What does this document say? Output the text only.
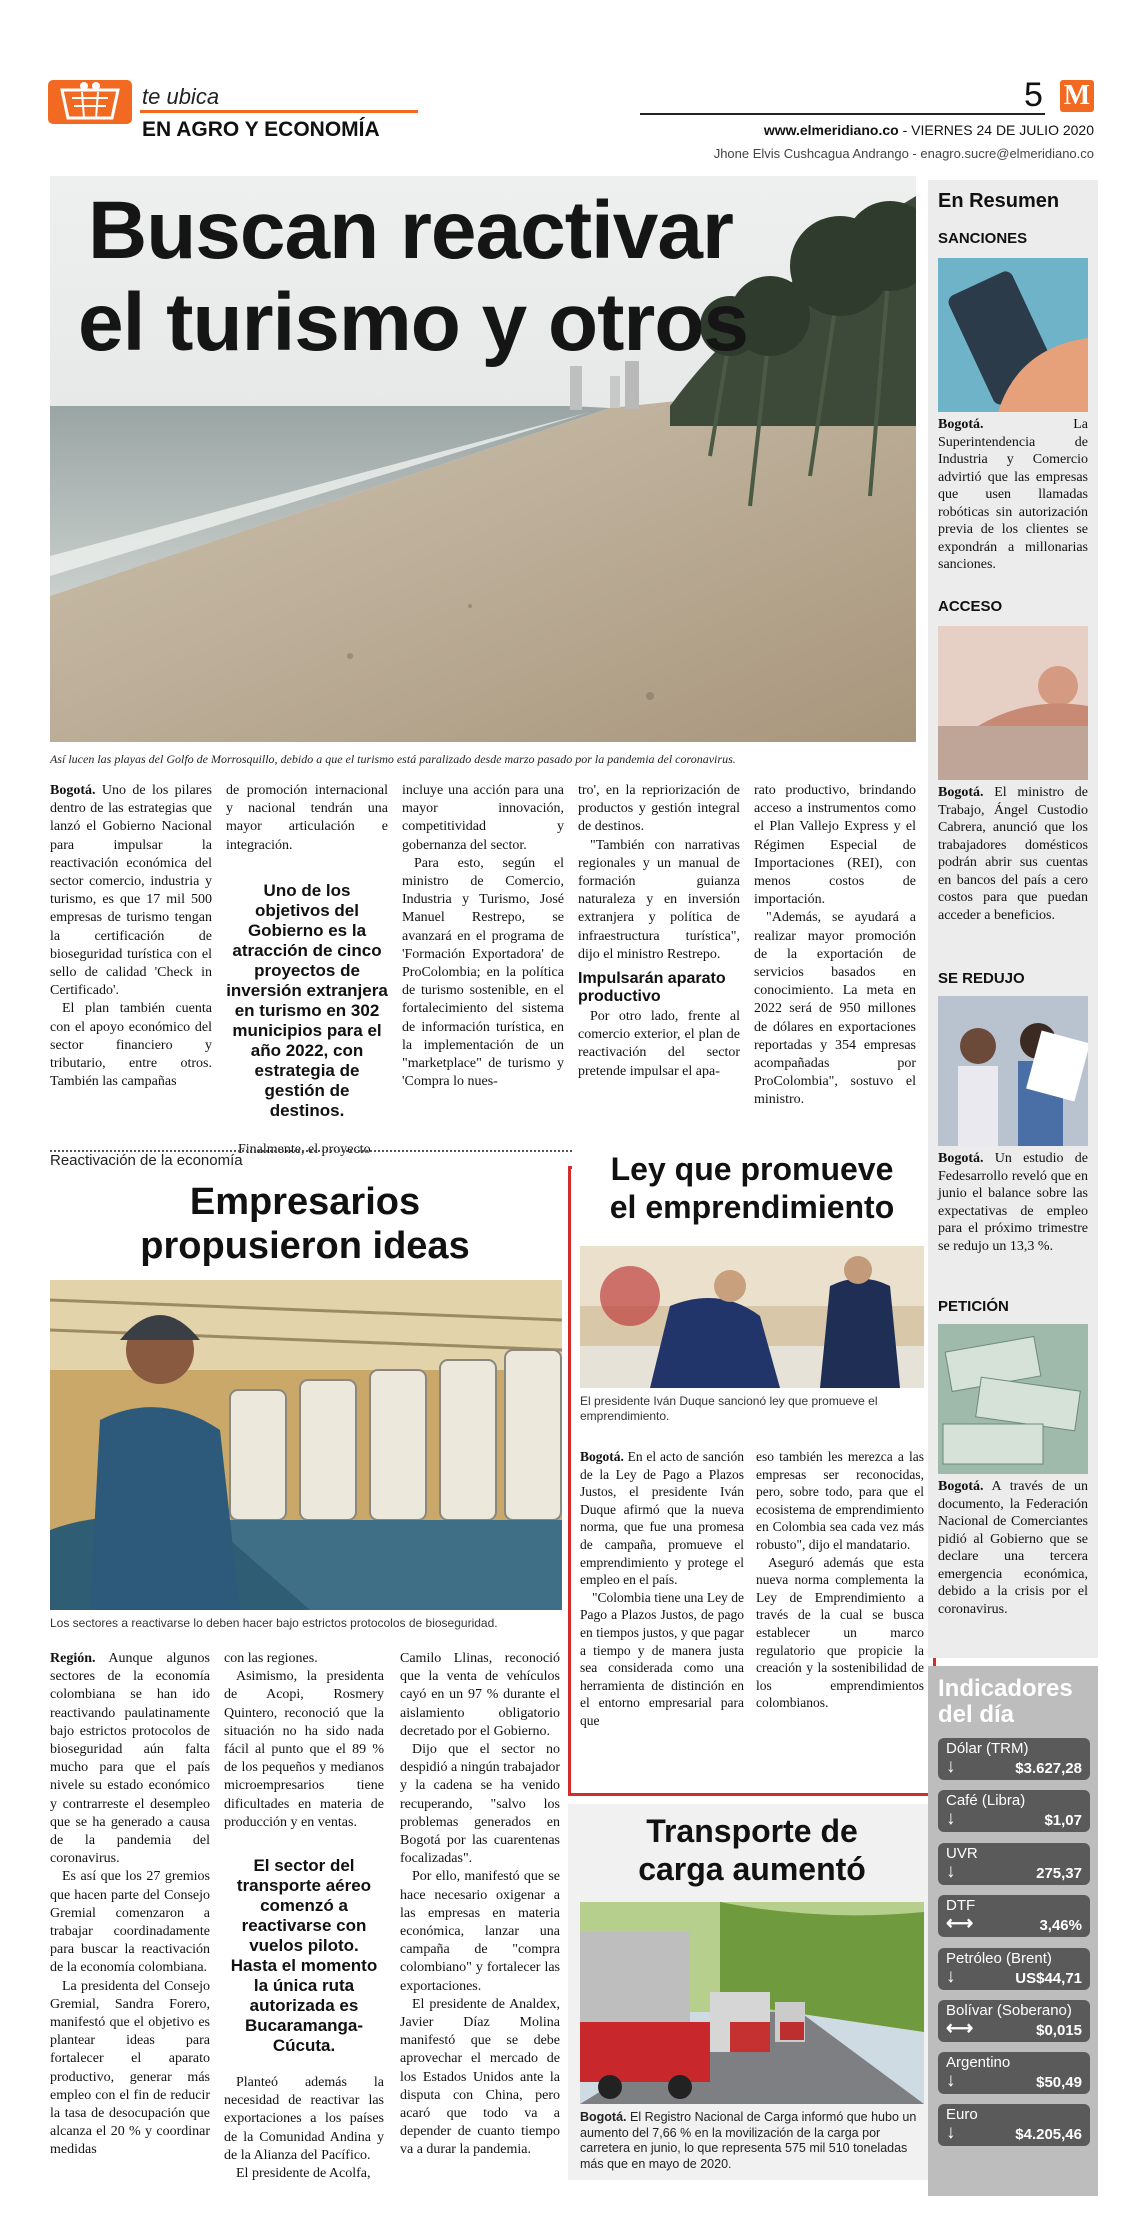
te ubica
EN AGRO Y ECONOMÍA
5 M
www.elmeridiano.co - VIERNES 24 DE JULIO 2020
Jhone Elvis Cushcagua Andrango - enagro.sucre@elmeridiano.co
Buscan reactivar
el turismo y otros
Así lucen las playas del Golfo de Morrosquillo, debido a que el turismo está paralizado desde marzo pasado por la pandemia del coronavirus.

Bogotá. Uno de los pilares dentro de las estrategias que lanzó el Gobierno Nacional para impulsar la reactivación económica del sector comercio, industria y turismo, es que 17 mil 500 empresas de turismo tengan la certificación de bioseguridad turística con el sello de calidad 'Check in Certificado'.

El plan también cuenta con el apoyo económico del sector financiero y tributario, entre otros. También las campañas

de promoción internacional y nacional tendrán una mayor articulación e integración.

Uno de los objetivos del Gobierno es la atracción de cinco proyectos de inversión extranjera en turismo en 302 municipios para el año 2022, con estrategia de gestión de destinos.

Finalmente, el proyecto

incluye una acción para una mayor innovación, competitividad y gobernanza del sector.

Para esto, según el ministro de Comercio, Industria y Turismo, José Manuel Restrepo, se avanzará en el programa de 'Formación Exportadora' de ProColombia; en la política de turismo sostenible, en el fortalecimiento del sistema de información turística, en la implementación de un "marketplace" de turismo y 'Compra lo nues-

tro', en la repriorización de productos y gestión integral de destinos.

"También con narrativas regionales y un manual de formación guianza naturaleza y en inversión extranjera y política de infraestructura turística", dijo el ministro Restrepo.

Impulsarán aparato productivo

Por otro lado, frente al comercio exterior, el plan de reactivación del sector pretende impulsar el apa-

rato productivo, brindando acceso a instrumentos como el Plan Vallejo Express y el Régimen Especial de Importaciones (REI), con menos costos de importación.

"Además, se ayudará a realizar mayor promoción de la exportación de servicios basados en conocimiento. La meta en 2022 será de 950 millones de dólares en exportaciones reportadas y 354 empresas acompañadas por ProColombia", sostuvo el ministro.

Reactivación de la economía
Empresarios
propusieron ideas
Los sectores a reactivarse lo deben hacer bajo estrictos protocolos de bioseguridad.

Región. Aunque algunos sectores de la economía colombiana se han ido reactivando paulatinamente bajo estrictos protocolos de bioseguridad aún falta mucho para que el país nivele su estado económico y contrarreste el desempleo que se ha generado a causa de la pandemia del coronavirus.

Es así que los 27 gremios que hacen parte del Consejo Gremial comenzaron a trabajar coordinadamente para buscar la reactivación de la economía colombiana.

La presidenta del Consejo Gremial, Sandra Forero, manifestó que el objetivo es plantear ideas para fortalecer el aparato productivo, generar más empleo con el fin de reducir la tasa de desocupación que alcanza el 20 % y coordinar medidas

con las regiones.

Asimismo, la presidenta de Acopi, Rosmery Quintero, reconoció que la situación no ha sido nada fácil al punto que el 89 % de los pequeños y medianos microempresarios tiene dificultades en materia de producción y en ventas.

El sector del transporte aéreo comenzó a reactivarse con vuelos piloto. Hasta el momento la única ruta autorizada es Bucaramanga-Cúcuta.

Planteó además la necesidad de reactivar las exportaciones a los países de la Comunidad Andina y de la Alianza del Pacífico.

El presidente de Acolfa,

Camilo Llinas, reconoció que la venta de vehículos cayó en un 97 % durante el aislamiento obligatorio decretado por el Gobierno.

Dijo que el sector no despidió a ningún trabajador y la cadena se ha venido recuperando, "salvo los problemas generados en Bogotá por las cuarentenas focalizadas".

Por ello, manifestó que se hace necesario oxigenar a las empresas en materia económica, lanzar una campaña de "compra colombiano" y fortalecer las exportaciones.

El presidente de Analdex, Javier Díaz Molina manifestó que se debe aprovechar el mercado de los Estados Unidos ante la disputa con China, pero acaró que todo va a depender de cuanto tiempo va a durar la pandemia.

Ley que promueve
el emprendimiento
El presidente Iván Duque sancionó ley que promueve el emprendimiento.

Bogotá. En el acto de sanción de la Ley de Pago a Plazos Justos, el presidente Iván Duque afirmó que la nueva norma, que fue una promesa de campaña, promueve el emprendimiento y protege el empleo en el país.

"Colombia tiene una Ley de Pago a Plazos Justos, de pago en tiempos justos, y que pagar a tiempo y de manera justa sea considerada como una herramienta de distinción en el entorno empresarial para que

eso también les merezca a las empresas ser reconocidas, pero, sobre todo, para que el ecosistema de emprendimiento en Colombia sea cada vez más robusto", dijo el mandatario.

Aseguró además que esta nueva norma complementa la Ley de Emprendimiento a través de la cual se busca establecer un marco regulatorio que propicie la creación y la sostenibilidad de los emprendimientos colombianos.

Transporte de
carga aumentó
Bogotá. El Registro Nacional de Carga informó que hubo un aumento del 7,66 % en la movilización de la carga por carretera en junio, lo que representa 575 mil 510 toneladas más que en mayo de 2020.
En Resumen
SANCIONES
Bogotá. La Superintendencia de Industria y Comercio advirtió que las empresas que usen llamadas robóticas sin autorización previa de los clientes se expondrán a millonarias sanciones.
ACCESO
Bogotá. El ministro de Trabajo, Ángel Custodio Cabrera, anunció que los trabajadores domésticos podrán abrir sus cuentas en bancos del país a cero costos para que puedan acceder a beneficios.
SE REDUJO
Bogotá. Un estudio de Fedesarrollo reveló que en junio el balance sobre las expectativas de empleo para el próximo trimestre se redujo un 13,3 %.
PETICIÓN
Bogotá. A través de un documento, la Federación Nacional de Comerciantes pidió al Gobierno que se declare una tercera emergencia económica, debido a la crisis por el coronavirus.
Indicadores
del día
Dólar (TRM)
↓	$3.627,28
Café (Libra)
↓	$1,07
UVR
↓	275,37
DTF
⟷	3,46%
Petróleo (Brent)
↓	US$44,71
Bolívar (Soberano)
⟷	$0,015
Argentino
↓	$50,49
Euro
↓	$4.205,46
